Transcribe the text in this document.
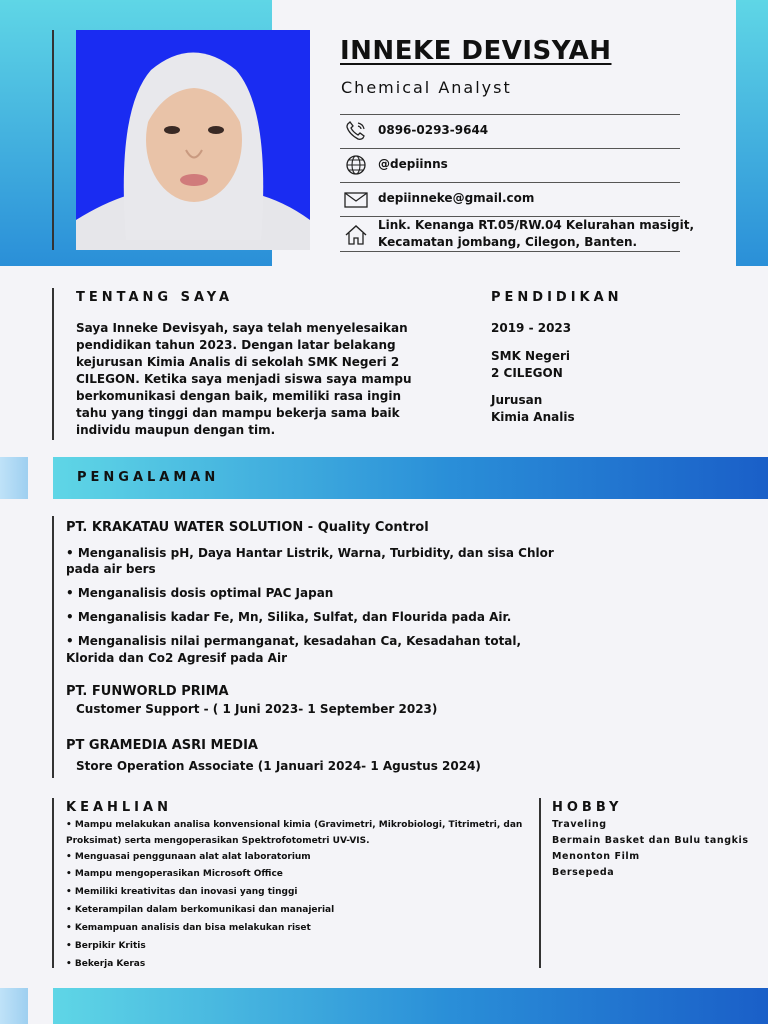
INNEKE DEVISYAH
Chemical Analyst
0896-0293-9644
@depiinns
depiinneke@gmail.com
Link. Kenanga RT.05/RW.04 Kelurahan masigit,
Kecamatan jombang, Cilegon, Banten.
TENTANG SAYA
Saya Inneke Devisyah, saya telah menyelesaikan
pendidikan tahun 2023. Dengan latar belakang
kejurusan Kimia Analis di sekolah SMK Negeri 2
CILEGON. Ketika saya menjadi siswa saya mampu
berkomunikasi dengan baik, memiliki rasa ingin
tahu yang tinggi dan mampu bekerja sama baik
individu maupun dengan tim.
PENDIDIKAN
2019 - 2023
SMK Negeri
2 CILEGON
Jurusan
Kimia Analis
PENGALAMAN
PT. KRAKATAU WATER SOLUTION - Quality Control
• Menganalisis pH, Daya Hantar Listrik, Warna, Turbidity, dan sisa Chlor
pada air bers
• Menganalisis dosis optimal PAC Japan
• Menganalisis kadar Fe, Mn, Silika, Sulfat, dan Flourida pada Air.
• Menganalisis nilai permanganat, kesadahan Ca, Kesadahan total,
Klorida dan Co2 Agresif pada Air
PT. FUNWORLD PRIMA
Customer Support - ( 1 Juni 2023- 1 September 2023)
PT GRAMEDIA ASRI MEDIA
Store Operation Associate (1 Januari 2024- 1 Agustus 2024)
KEAHLIAN
• Mampu melakukan analisa konvensional kimia (Gravimetri, Mikrobiologi, Titrimetri, dan
Proksimat) serta mengoperasikan Spektrofotometri UV-VIS.
• Menguasai penggunaan alat alat laboratorium
• Mampu mengoperasikan Microsoft Office
• Memiliki kreativitas dan inovasi yang tinggi
• Keterampilan dalam berkomunikasi dan manajerial
• Kemampuan analisis dan bisa melakukan riset
• Berpikir Kritis
• Bekerja Keras
HOBBY
Traveling
Bermain Basket dan Bulu tangkis
Menonton Film
Bersepeda
